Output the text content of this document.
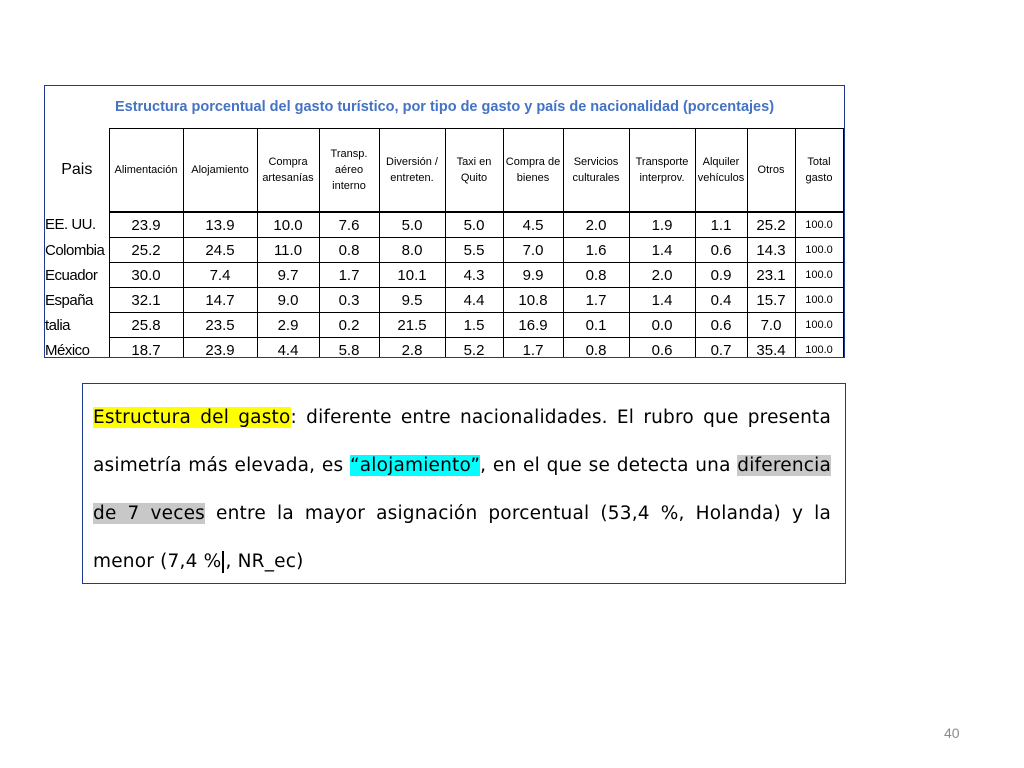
Estructura porcentual del gasto turístico, por tipo de gasto y país de nacionalidad (porcentajes)
Pais	Alimentación	Alojamiento	Compra artesanías	Transp. aéreo interno	Diversión / entreten.	Taxi en Quito	Compra de bienes	Servicios culturales	Transporte interprov.	Alquiler vehículos	Otros	Total gasto
EE. UU.	23.9	13.9	10.0	7.6	5.0	5.0	4.5	2.0	1.9	1.1	25.2	100.0
Colombia	25.2	24.5	11.0	0.8	8.0	5.5	7.0	1.6	1.4	0.6	14.3	100.0
Ecuador	30.0	7.4	9.7	1.7	10.1	4.3	9.9	0.8	2.0	0.9	23.1	100.0
España	32.1	14.7	9.0	0.3	9.5	4.4	10.8	1.7	1.4	0.4	15.7	100.0
talia	25.8	23.5	2.9	0.2	21.5	1.5	16.9	0.1	0.0	0.6	7.0	100.0
México	18.7	23.9	4.4	5.8	2.8	5.2	1.7	0.8	0.6	0.7	35.4	100.0
Estructura del gasto: diferente entre nacionalidades. El rubro que presenta asimetría más elevada, es “alojamiento”, en el que se detecta una diferencia de 7 veces entre la mayor asignación porcentual (53,4 %, Holanda) y la menor (7,4 % , NR_ec)
40
